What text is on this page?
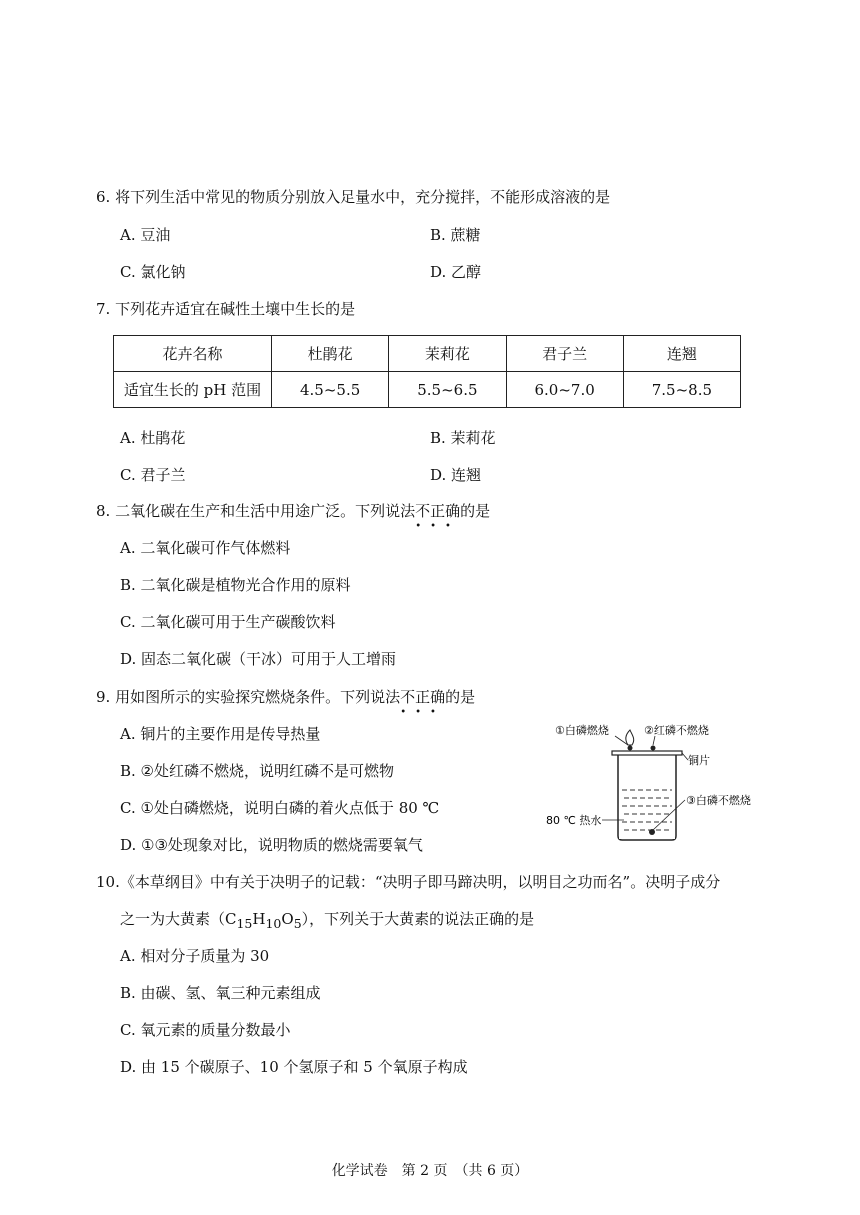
6. 将下列生活中常见的物质分别放入足量水中，充分搅拌，不能形成溶液的是
A. 豆油	B. 蔗糖
C. 氯化钠	D. 乙醇
7. 下列花卉适宜在碱性土壤中生长的是
花卉名称	杜鹃花	茉莉花	君子兰	连翘
适宜生长的 pH 范围	4.5~5.5	5.5~6.5	6.0~7.0	7.5~8.5
A. 杜鹃花	B. 茉莉花
C. 君子兰	D. 连翘
8. 二氧化碳在生产和生活中用途广泛。下列说法不正确
•••
的是
A. 二氧化碳可作气体燃料
B. 二氧化碳是植物光合作用的原料
C. 二氧化碳可用于生产碳酸饮料
D. 固态二氧化碳（干冰）可用于人工增雨
9. 用如图所示的实验探究燃烧条件。下列说法不正确
•••
的是
A. 铜片的主要作用是传导热量
B. ②处红磷不燃烧，说明红磷不是可燃物
C. ①处白磷燃烧，说明白磷的着火点低于 80 ℃
D. ①③处现象对比，说明物质的燃烧需要氧气
①白磷燃烧	②红磷不燃烧
铜片
③白磷不燃烧
80 ℃ 热水
10.《本草纲目》中有关于决明子的记载：“决明子即马蹄决明，以明目之功而名”。决明子成分
之一为大黄素$(C_{15}H_{10}O_5)$，下列关于大黄素的说法正确的是
A. 相对分子质量为 30
B. 由碳、氢、氧三种元素组成
C. 氧元素的质量分数最小
D. 由 15 个碳原子、10 个氢原子和 5 个氧原子构成
化学试卷　第 2 页　（共 6 页）
